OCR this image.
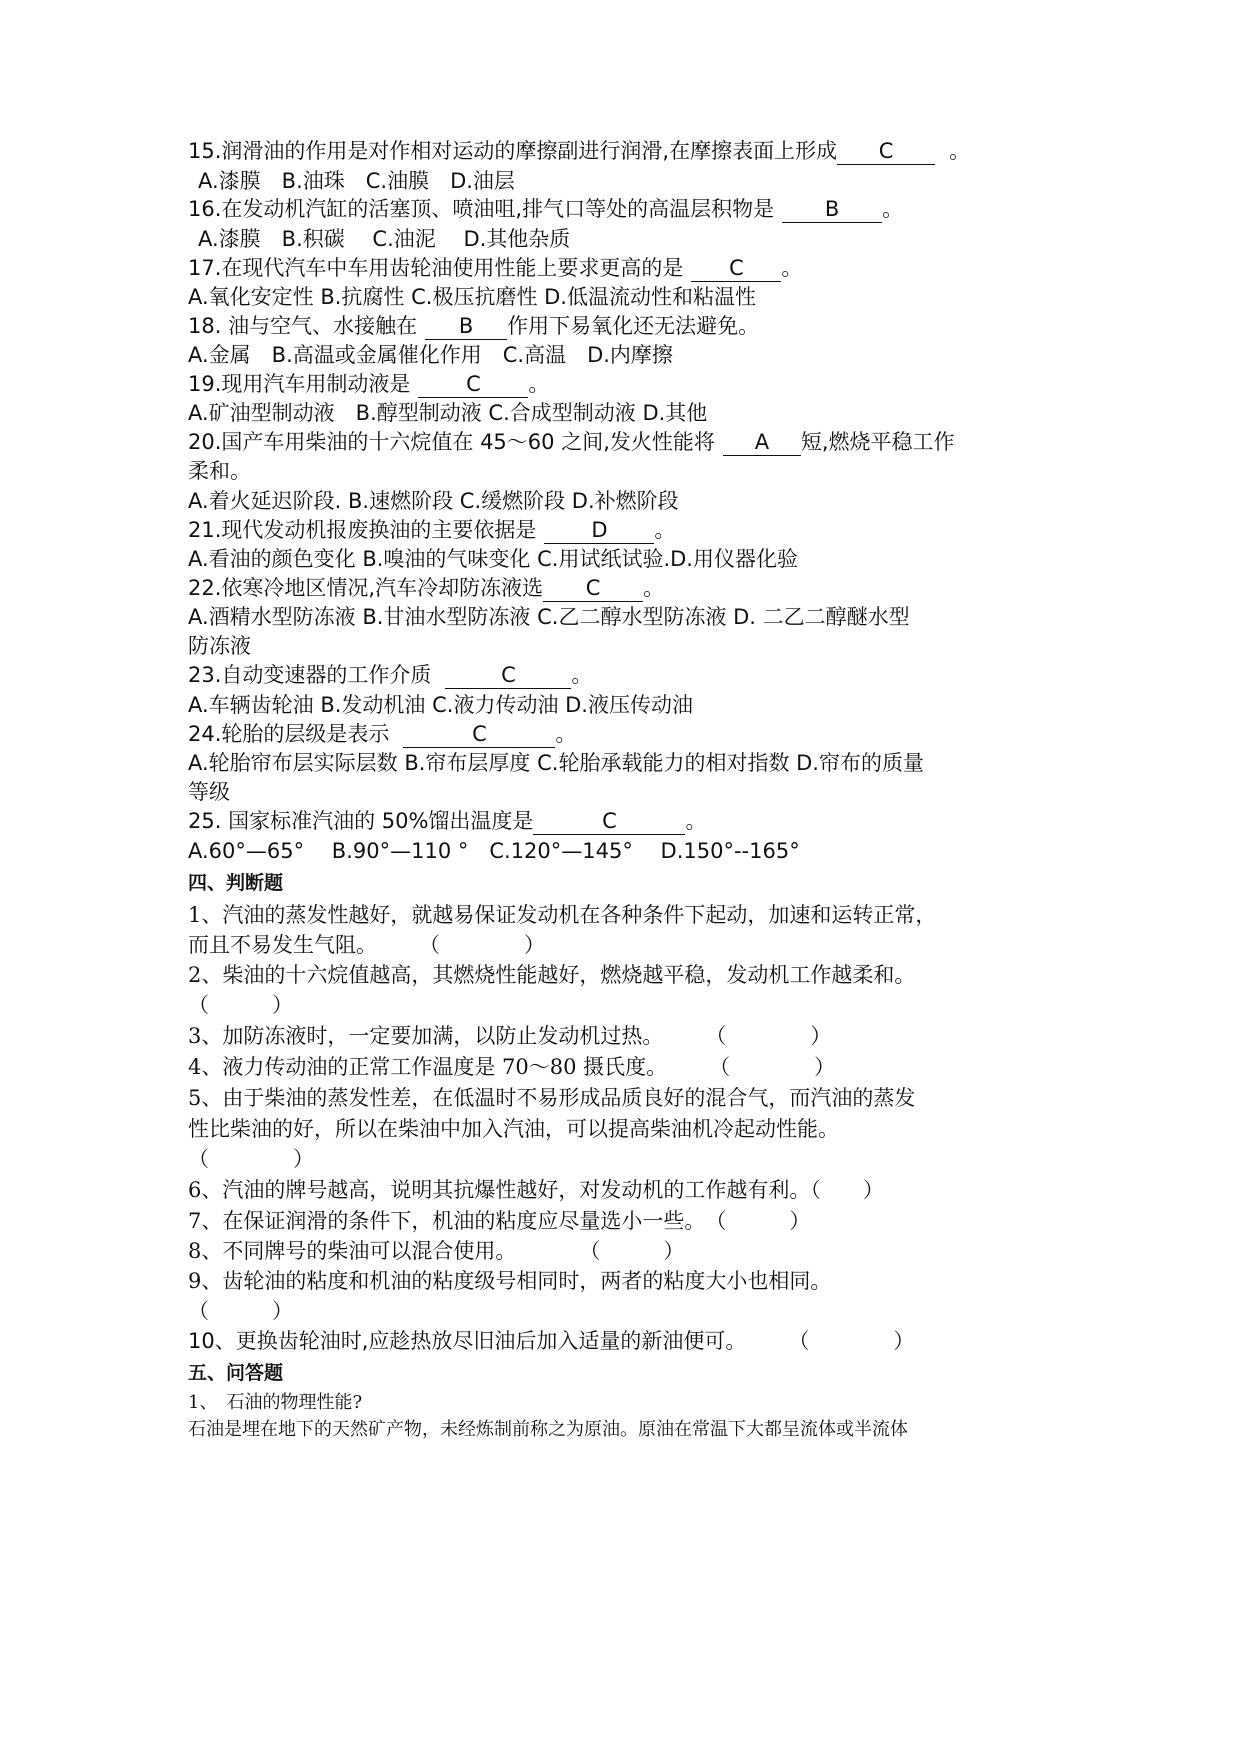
15.润滑油的作用是对作相对运动的摩擦副进行润滑,在摩擦表面上形成 C	。
A.漆膜　B.油珠　C.油膜　D.油层
16.在发动机汽缸的活塞顶、喷油咀,排气口等处的高温层积物是 B 。
A.漆膜　B.积碳　 C.油泥　 D.其他杂质
17.在现代汽车中车用齿轮油使用性能上要求更高的是 C 。
A.氧化安定性 B.抗腐性 C.极压抗磨性 D.低温流动性和粘温性
18. 油与空气、水接触在 B 作用下易氧化还无法避免。
A.金属　B.高温或金属催化作用　C.高温　D.内摩擦
19.现用汽车用制动液是	C 。
A.矿油型制动液　B.醇型制动液 C.合成型制动液 D.其他
20.国产车用柴油的十六烷值在 45～60 之间,发火性能将 A 短,燃烧平稳工作
柔和。
A.着火延迟阶段. B.速燃阶段 C.缓燃阶段 D.补燃阶段
21.现代发动机报废换油的主要依据是	D 。
A.看油的颜色变化 B.嗅油的气味变化 C.用试纸试验.D.用仪器化验
22.依寒冷地区情况,汽车冷却防冻液选 C 。
A.酒精水型防冻液 B.甘油水型防冻液 C.乙二醇水型防冻液 D. 二乙二醇醚水型
防冻液
23.自动变速器的工作介质	C	。
A.车辆齿轮油 B.发动机油 C.液力传动油 D.液压传动油
24.轮胎的层级是表示	C	。
A.轮胎帘布层实际层数 B.帘布层厚度 C.轮胎承载能力的相对指数 D.帘布的质量
等级
25. 国家标准汽油的 50%馏出温度是	C	。
A.60°—65°　 B.90°—110 °　C.120°—145°　 D.150°--165°
四、判断题
1、汽油的蒸发性越好，就越易保证发动机在各种条件下起动，加速和运转正常，
而且不易发生气阻。　　　（　　　　）
2、柴油的十六烷值越高，其燃烧性能越好，燃烧越平稳，发动机工作越柔和。
（　　　）
3、加防冻液时，一定要加满，以防止发动机过热。　　　（　　　　）
4、液力传动油的正常工作温度是 70～80 摄氏度。　　　（　　　　）
5、由于柴油的蒸发性差，在低温时不易形成品质良好的混合气，而汽油的蒸发
性比柴油的好，所以在柴油中加入汽油，可以提高柴油机冷起动性能。
（　　　　）
6、汽油的牌号越高，说明其抗爆性越好，对发动机的工作越有利。（　　）
7、在保证润滑的条件下，机油的粘度应尽量选小一些。　（　　　）
8、不同牌号的柴油可以混合使用。　　　　（　　　）
9、齿轮油的粘度和机油的粘度级号相同时，两者的粘度大小也相同。
（　　　）
10、更换齿轮油时,应趁热放尽旧油后加入适量的新油便可。　　　（　　　　）
五、问答题
1、　石油的物理性能?
石油是埋在地下的天然矿产物，未经炼制前称之为原油。原油在常温下大都呈流体或半流体
